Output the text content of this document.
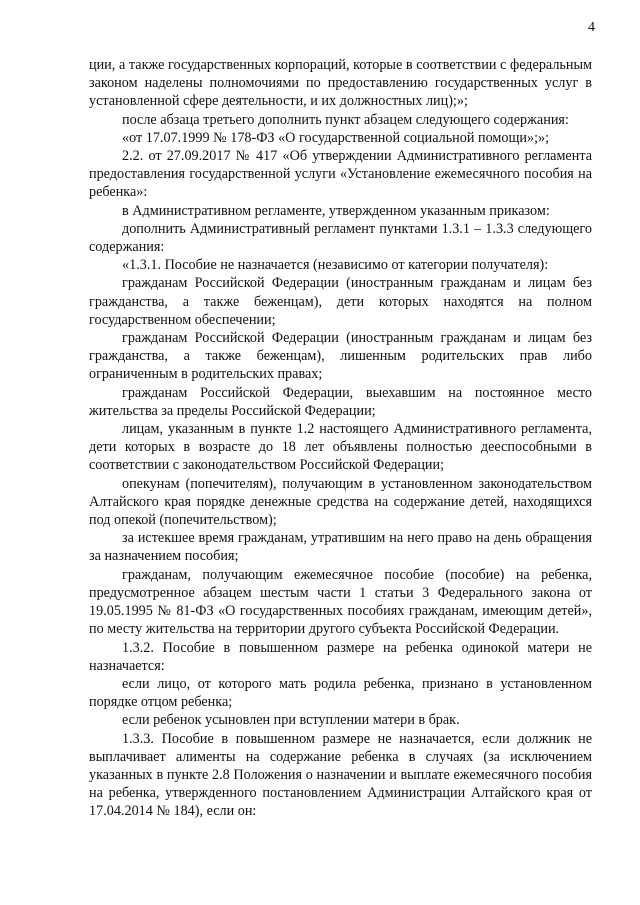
4

ции, а также государственных корпораций, которые в соответствии с федеральным законом наделены полномочиями по предоставлению государственных услуг в установленной сфере деятельности, и их должностных лиц);»;

после абзаца третьего дополнить пункт абзацем следующего содержания:

«от 17.07.1999 № 178-ФЗ «О государственной социальной помощи»;»;

2.2. от 27.09.2017 № 417 «Об утверждении Административного регламента предоставления государственной услуги «Установление ежемесячного пособия на ребенка»:

в Административном регламенте, утвержденном указанным приказом:

дополнить Административный регламент пунктами 1.3.1 – 1.3.3 следующего содержания:

«1.3.1. Пособие не назначается (независимо от категории получателя):

гражданам Российской Федерации (иностранным гражданам и лицам без гражданства, а также беженцам), дети которых находятся на полном государственном обеспечении;

гражданам Российской Федерации (иностранным гражданам и лицам без гражданства, а также беженцам), лишенным родительских прав либо ограниченным в родительских правах;

гражданам Российской Федерации, выехавшим на постоянное место жительства за пределы Российской Федерации;

лицам, указанным в пункте 1.2 настоящего Административного регламента, дети которых в возрасте до 18 лет объявлены полностью дееспособными в соответствии с законодательством Российской Федерации;

опекунам (попечителям), получающим в установленном законодательством Алтайского края порядке денежные средства на содержание детей, находящихся под опекой (попечительством);

за истекшее время гражданам, утратившим на него право на день обращения за назначением пособия;

гражданам, получающим ежемесячное пособие (пособие) на ребенка, предусмотренное абзацем шестым части 1 статьи 3 Федерального закона от 19.05.1995 № 81-ФЗ «О государственных пособиях гражданам, имеющим детей», по месту жительства на территории другого субъекта Российской Федерации.

1.3.2. Пособие в повышенном размере на ребенка одинокой матери не назначается:

если лицо, от которого мать родила ребенка, признано в установленном порядке отцом ребенка;

если ребенок усыновлен при вступлении матери в брак.

1.3.3. Пособие в повышенном размере не назначается, если должник не выплачивает алименты на содержание ребенка в случаях (за исключением указанных в пункте 2.8 Положения о назначении и выплате ежемесячного пособия на ребенка, утвержденного постановлением Администрации Алтайского края от 17.04.2014 № 184), если он:
